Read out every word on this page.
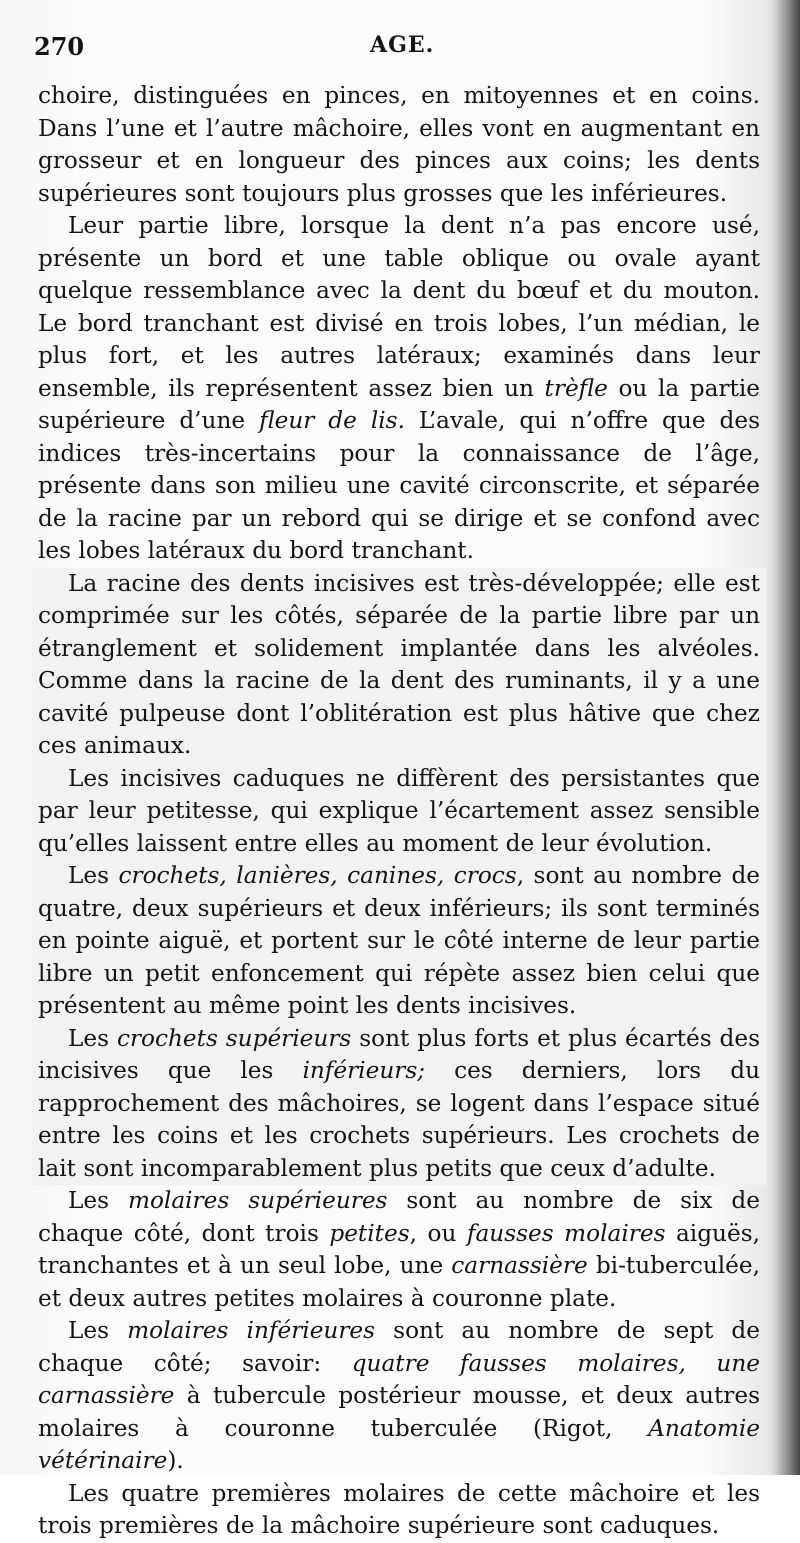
270	AGE.

choire, distinguées en pinces, en mitoyennes et en coins. Dans l’une et l’autre mâchoire, elles vont en augmentant en grosseur et en longueur des pinces aux coins; les dents supérieures sont toujours plus grosses que les inférieures.

Leur partie libre, lorsque la dent n’a pas encore usé, présente un bord et une table oblique ou ovale ayant quelque ressemblance avec la dent du bœuf et du mouton. Le bord tranchant est divisé en trois lobes, l’un médian, le plus fort, et les autres latéraux; examinés dans leur ensemble, ils représentent assez bien un trèfle ou la partie supérieure d’une fleur de lis. L’avale, qui n’offre que des indices très-incertains pour la connaissance de l’âge, présente dans son milieu une cavité circonscrite, et séparée de la racine par un rebord qui se dirige et se confond avec les lobes latéraux du bord tranchant.

La racine des dents incisives est très-développée; elle est comprimée sur les côtés, séparée de la partie libre par un étranglement et solidement implantée dans les alvéoles. Comme dans la racine de la dent des ruminants, il y a une cavité pulpeuse dont l’oblitération est plus hâtive que chez ces animaux.

Les incisives caduques ne diffèrent des persistantes que par leur petitesse, qui explique l’écartement assez sensible qu’elles laissent entre elles au moment de leur évolution.

Les crochets, lanières, canines, crocs, sont au nombre de quatre, deux supérieurs et deux inférieurs; ils sont terminés en pointe aiguë, et portent sur le côté interne de leur partie libre un petit enfoncement qui répète assez bien celui que présentent au même point les dents incisives.

Les crochets supérieurs sont plus forts et plus écartés des incisives que les inférieurs; ces derniers, lors du rapprochement des mâchoires, se logent dans l’espace situé entre les coins et les crochets supérieurs. Les crochets de lait sont incomparablement plus petits que ceux d’adulte.

Les molaires supérieures sont au nombre de six de chaque côté, dont trois petites, ou fausses molaires aiguës, tranchantes et à un seul lobe, une carnassière bi-tuberculée, et deux autres petites molaires à couronne plate.

Les molaires inférieures sont au nombre de sept de chaque côté; savoir: quatre fausses molaires, une carnassière à tubercule postérieur mousse, et deux autres molaires à couronne tuberculée (Rigot, Anatomie vétérinaire).

Les quatre premières molaires de cette mâchoire et les trois premières de la mâchoire supérieure sont caduques.
